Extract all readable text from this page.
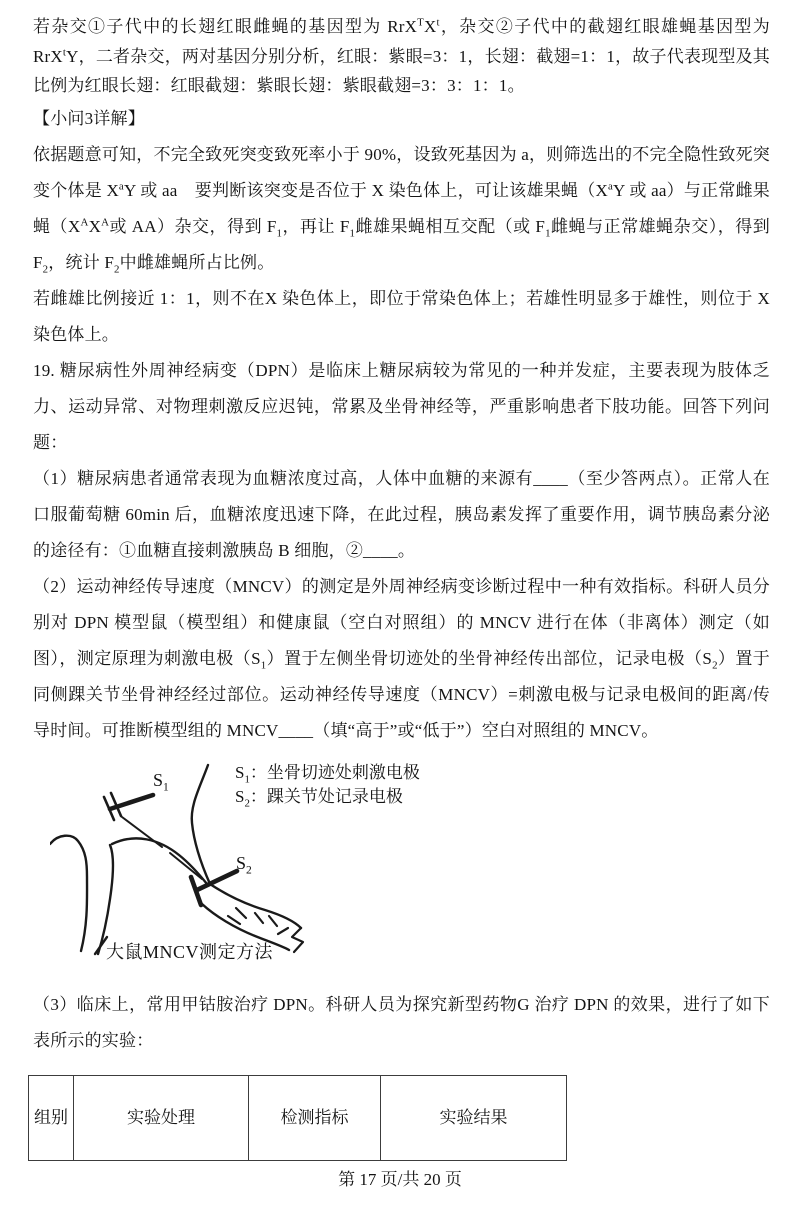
若杂交①子代中的长翅红眼雌蝇的基因型为 $RrX^TX^t$，杂交②子代中的截翅红眼雄蝇基因型为 RrX$^t$Y，二者杂交，两对基因分别分析，红眼：紫眼=3：1，长翅：截翅=1：1，故子代表现型及其比例为红眼长翅：红眼截翅：紫眼长翅：紫眼截翅=3：3：1：1。

【小问3详解】

依据题意可知，不完全致死突变致死率小于 90%，设致死基因为 a，则筛选出的不完全隐性致死突变个体是 $X^aY$ 或 aa　要判断该突变是否位于 X 染色体上，可让该雄果蝇（$X^aY$ 或 aa）与正常雌果蝇（$X^AX^A$或 AA）杂交，得到 $F_1$，再让 $F_1$雌雄果蝇相互交配（或 $F_1$雌蝇与正常雄蝇杂交），得到 $F_2$，统计 $F_2$中雌雄蝇所占比例。

若雌雄比例接近 1：1，则不在X 染色体上，即位于常染色体上；若雄性明显多于雄性，则位于 X 染色体上。

19. 糖尿病性外周神经病变（DPN）是临床上糖尿病较为常见的一种并发症，主要表现为肢体乏力、运动异常、对物理刺激反应迟钝，常累及坐骨神经等，严重影响患者下肢功能。回答下列问题：

（1）糖尿病患者通常表现为血糖浓度过高，人体中血糖的来源有____（至少答两点）。正常人在口服葡萄糖 60min 后，血糖浓度迅速下降，在此过程，胰岛素发挥了重要作用，调节胰岛素分泌的途径有：①血糖直接刺激胰岛 B 细胞，②____。

（2）运动神经传导速度（MNCV）的测定是外周神经病变诊断过程中一种有效指标。科研人员分别对 DPN 模型鼠（模型组）和健康鼠（空白对照组）的 MNCV 进行在体（非离体）测定（如图），测定原理为刺激电极$(S_1)$置于左侧坐骨切迹处的坐骨神经传出部位，记录电极$(S_2)$置于同侧踝关节坐骨神经经过部位。运动神经传导速度（MNCV）=刺激电极与记录电极间的距离/传导时间。可推断模型组的 MNCV____（填“高于”或“低于”）空白对照组的 MNCV。

$S_1$
$S_2$
$S_1$：坐骨切迹处刺激电极
$S_2$：踝关节处记录电极
大鼠MNCV测定方法

（3）临床上，常用甲钴胺治疗 DPN。科研人员为探究新型药物G 治疗 DPN 的效果，进行了如下表所示的实验：

组别	实验处理	检测指标	实验结果
第 17 页/共 20 页
